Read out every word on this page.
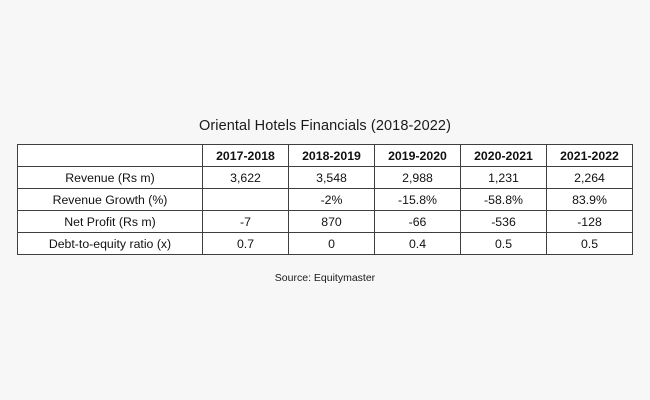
Oriental Hotels Financials (2018-2022)
	2017-2018	2018-2019	2019-2020	2020-2021	2021-2022
Revenue (Rs m)	3,622	3,548	2,988	1,231	2,264
Revenue Growth (%)		-2%	-15.8%	-58.8%	83.9%
Net Profit (Rs m)	-7	870	-66	-536	-128
Debt-to-equity ratio (x)	0.7	0	0.4	0.5	0.5
Source: Equitymaster
